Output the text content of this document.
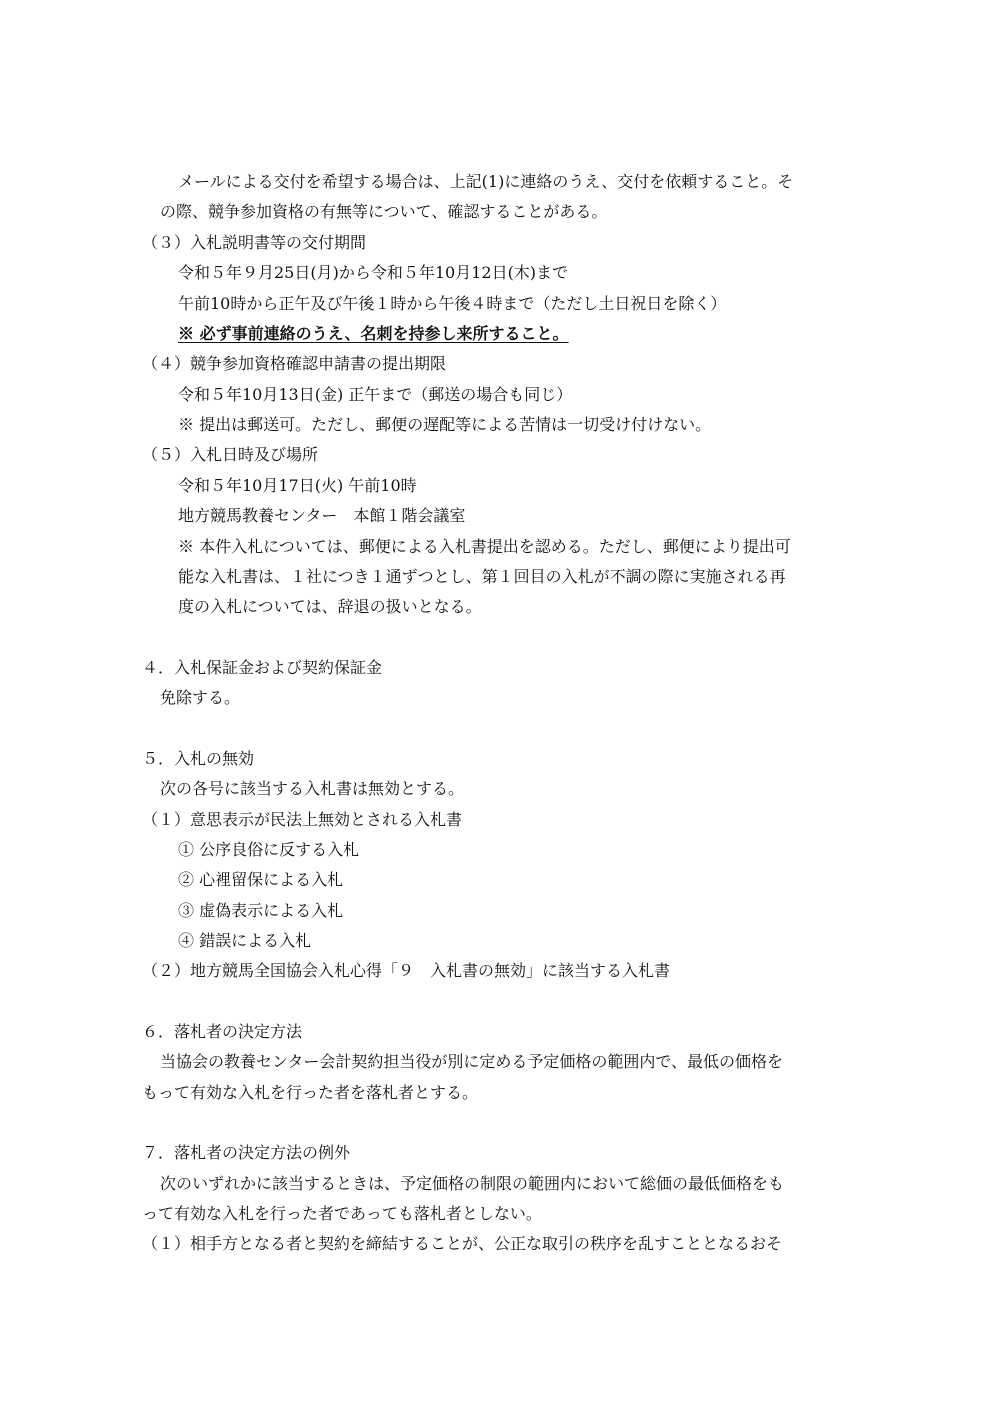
メールによる交付を希望する場合は、上記(1)に連絡のうえ、交付を依頼すること。そ
の際、競争参加資格の有無等について、確認することがある。
（３）入札説明書等の交付期間
令和５年９月25日(月)から令和５年10月12日(木)まで
午前10時から正午及び午後１時から午後４時まで（ただし土日祝日を除く）
※ 必ず事前連絡のうえ、名刺を持参し来所すること。
（４）競争参加資格確認申請書の提出期限
令和５年10月13日(金) 正午まで（郵送の場合も同じ）
※ 提出は郵送可。ただし、郵便の遅配等による苦情は一切受け付けない。
（５）入札日時及び場所
令和５年10月17日(火) 午前10時
地方競馬教養センター　本館１階会議室
※ 本件入札については、郵便による入札書提出を認める。ただし、郵便により提出可
能な入札書は、１社につき１通ずつとし、第１回目の入札が不調の際に実施される再
度の入札については、辞退の扱いとなる。
４．入札保証金および契約保証金
免除する。
５．入札の無効
次の各号に該当する入札書は無効とする。
（１）意思表示が民法上無効とされる入札書
① 公序良俗に反する入札
② 心裡留保による入札
③ 虚偽表示による入札
④ 錯誤による入札
（２）地方競馬全国協会入札心得「９　入札書の無効」に該当する入札書
６．落札者の決定方法
当協会の教養センター会計契約担当役が別に定める予定価格の範囲内で、最低の価格を
もって有効な入札を行った者を落札者とする。
７．落札者の決定方法の例外
次のいずれかに該当するときは、予定価格の制限の範囲内において総価の最低価格をも
って有効な入札を行った者であっても落札者としない。
（１）相手方となる者と契約を締結することが、公正な取引の秩序を乱すこととなるおそ
